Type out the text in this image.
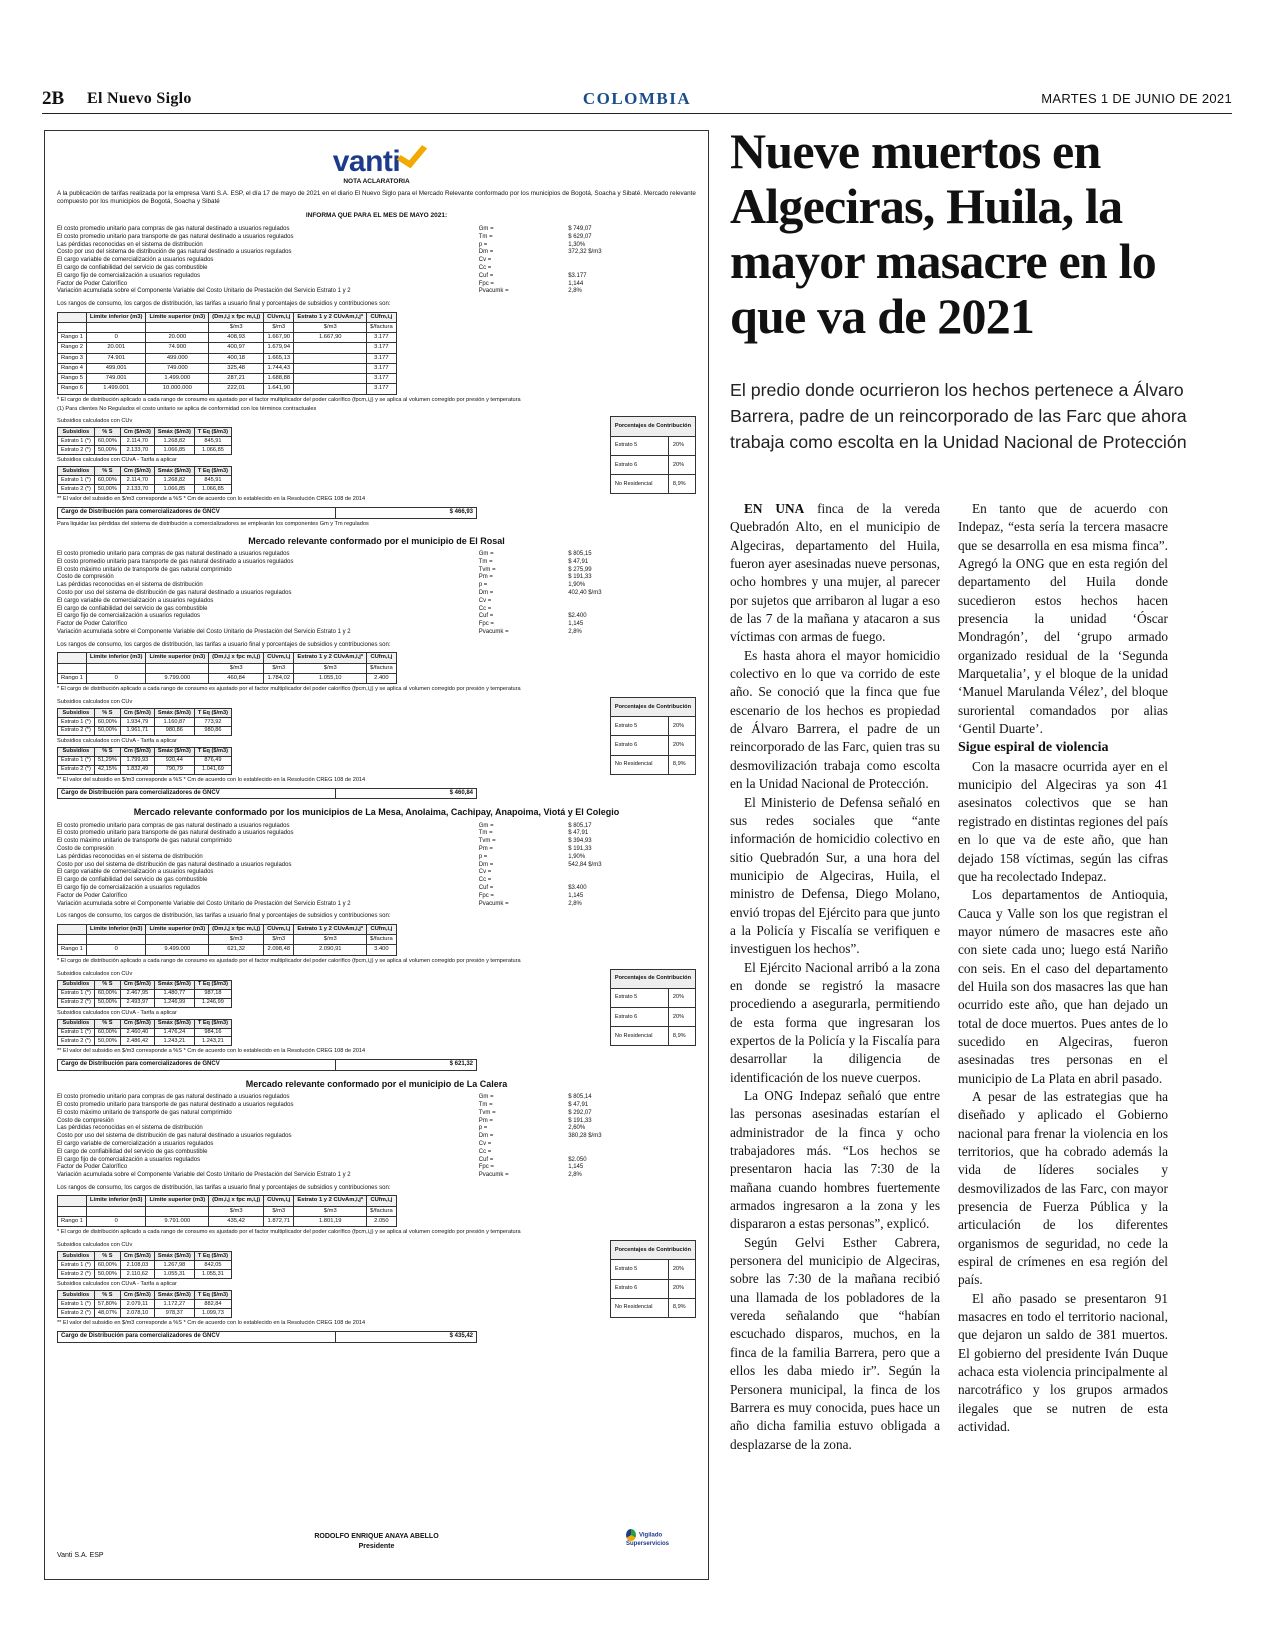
2B El Nuevo Siglo	COLOMBIA	MARTES 1 DE JUNIO DE 2021
vanti
NOTA ACLARATORIA
A la publicación de tarifas realizada por la empresa Vanti S.A. ESP, el día 17 de mayo de 2021 en el diario El Nuevo Siglo para el Mercado Relevante conformado por los municipios de Bogotá, Soacha y Sibaté. Mercado relevante compuesto por los municipios de Bogotá, Soacha y Sibaté
INFORMA QUE PARA EL MES DE MAYO 2021:
El costo promedio unitario para compras de gas natural destinado a usuarios regulados	Gm =	$ 749,07
El costo promedio unitario para transporte de gas natural destinado a usuarios regulados	Tm =	$ 629,07
Las pérdidas reconocidas en el sistema de distribución	p =	1,30%
Costo por uso del sistema de distribución de gas natural destinado a usuarios regulados	Dm =	372,32 $/m3
El cargo variable de comercialización a usuarios regulados	Cv =	
El cargo de confiabilidad del servicio de gas combustible	Cc =	
El cargo fijo de comercialización a usuarios regulados	Cuf =	$3.177
Factor de Poder Calorífico	Fpc =	1,144
Variación acumulada sobre el Componente Variable del Costo Unitario de Prestación del Servicio Estrato 1 y 2	Pvacumk =	2,8%
Los rangos de consumo, los cargos de distribución, las tarifas a usuario final y porcentajes de subsidios y contribuciones son:
	Límite inferior (m3)	Límite superior (m3)	(Dm,i,j x fpc m,i,j)	CUvm,i,j	Estrato 1 y 2 CUvAm,i,j*	CUfm,i,j
			$/m3	$/m3	$/m3	$/factura
Rango 1	0	20.000	408,93	1.667,90	1.667,90	3.177
Rango 2	20.001	74.900	400,97	1.679,94		3.177
Rango 3	74.901	499.000	400,18	1.665,13		3.177
Rango 4	499.001	749.000	325,48	1.744,43		3.177
Rango 5	749.001	1.499.000	287,21	1.688,88		3.177
Rango 6	1.499.001	10.000.000	222,01	1.641,90		3.177
* El cargo de distribución aplicado a cada rango de consumo es ajustado por el factor multiplicador del poder calorífico (fpcm,i,j) y se aplica al volumen corregido por presión y temperatura
(1) Para clientes No Regulados el costo unitario se aplica de conformidad con los términos contractuales
Subsidios calculados con CUv
Subsidios	% S	Cm ($/m3)	Smáx ($/m3)	T Eq ($/m3)
Estrato 1 (*)	60,00%	2.114,70	1.268,82	845,91
Estrato 2 (*)	50,00%	2.133,70	1.066,85	1.066,85
Subsidios calculados con CUvA - Tarifa a aplicar
Subsidios	% S	Cm ($/m3)	Smáx ($/m3)	T Eq ($/m3)
Estrato 1 (*)	60,00%	2.114,70	1.268,82	845,91
Estrato 2 (*)	50,00%	2.133,70	1.066,85	1.066,85
Porcentajes de Contribución	
Estrato 5	20%
Estrato 6	20%
No Residencial	8,9%
** El valor del subsidio en $/m3 corresponde a %S * Cm de acuerdo con lo establecido en la Resolución CREG 108 de 2014
Cargo de Distribución para comercializadores de GNCV	$ 466,93
Para liquidar las pérdidas del sistema de distribución a comercializadores se emplearán los componentes Gm y Tm regulados
Mercado relevante conformado por el municipio de El Rosal
El costo promedio unitario para compras de gas natural destinado a usuarios regulados	Gm =	$ 805,15
El costo promedio unitario para transporte de gas natural destinado a usuarios regulados	Tm =	$ 47,91
El costo máximo unitario de transporte de gas natural comprimido	Tvm =	$ 275,99
Costo de compresión	Pm =	$ 191,33
Las pérdidas reconocidas en el sistema de distribución	p =	1,90%
Costo por uso del sistema de distribución de gas natural destinado a usuarios regulados	Dm =	402,40 $/m3
El cargo variable de comercialización a usuarios regulados	Cv =	
El cargo de confiabilidad del servicio de gas combustible	Cc =	
El cargo fijo de comercialización a usuarios regulados	Cuf =	$2.400
Factor de Poder Calorífico	Fpc =	1,145
Variación acumulada sobre el Componente Variable del Costo Unitario de Prestación del Servicio Estrato 1 y 2	Pvacumk =	2,8%
Los rangos de consumo, los cargos de distribución, las tarifas a usuario final y porcentajes de subsidios y contribuciones son:
	Límite inferior (m3)	Límite superior (m3)	(Dm,i,j x fpc m,i,j)	CUvm,i,j	Estrato 1 y 2 CUvAm,i,j*	CUfm,i,j
			$/m3	$/m3	$/m3	$/factura
Rango 1	0	9.799.000	460,84	1.784,02	1.055,10	2.400
* El cargo de distribución aplicado a cada rango de consumo es ajustado por el factor multiplicador del poder calorífico (fpcm,i,j) y se aplica al volumen corregido por presión y temperatura
Subsidios calculados con CUv
Subsidios	% S	Cm ($/m3)	Smáx ($/m3)	T Eq ($/m3)
Estrato 1 (*)	60,00%	1.934,79	1.160,87	773,92
Estrato 2 (*)	50,00%	1.961,71	980,86	980,86
Subsidios calculados con CUvA - Tarifa a aplicar
Subsidios	% S	Cm ($/m3)	Smáx ($/m3)	T Eq ($/m3)
Estrato 1 (*)	51,29%	1.799,93	920,44	876,49
Estrato 2 (*)	42,15%	1.832,49	790,79	1.041,69
Porcentajes de Contribución	
Estrato 5	20%
Estrato 6	20%
No Residencial	8,9%
** El valor del subsidio en $/m3 corresponde a %S * Cm de acuerdo con lo establecido en la Resolución CREG 108 de 2014
Cargo de Distribución para comercializadores de GNCV	$ 460,84
Mercado relevante conformado por los municipios de La Mesa, Anolaima, Cachipay, Anapoima, Viotá y El Colegio
El costo promedio unitario para compras de gas natural destinado a usuarios regulados	Gm =	$ 805,17
El costo promedio unitario para transporte de gas natural destinado a usuarios regulados	Tm =	$ 47,91
El costo máximo unitario de transporte de gas natural comprimido	Tvm =	$ 394,93
Costo de compresión	Pm =	$ 191,33
Las pérdidas reconocidas en el sistema de distribución	p =	1,90%
Costo por uso del sistema de distribución de gas natural destinado a usuarios regulados	Dm =	542,84 $/m3
El cargo variable de comercialización a usuarios regulados	Cv =	
El cargo de confiabilidad del servicio de gas combustible	Cc =	
El cargo fijo de comercialización a usuarios regulados	Cuf =	$3.400
Factor de Poder Calorífico	Fpc =	1,145
Variación acumulada sobre el Componente Variable del Costo Unitario de Prestación del Servicio Estrato 1 y 2	Pvacumk =	2,8%
Los rangos de consumo, los cargos de distribución, las tarifas a usuario final y porcentajes de subsidios y contribuciones son:
	Límite inferior (m3)	Límite superior (m3)	(Dm,i,j x fpc m,i,j)	CUvm,i,j	Estrato 1 y 2 CUvAm,i,j*	CUfm,i,j
			$/m3	$/m3	$/m3	$/factura
Rango 1	0	9.499.000	621,32	2.098,48	2.090,91	3.400
* El cargo de distribución aplicado a cada rango de consumo es ajustado por el factor multiplicador del poder calorífico (fpcm,i,j) y se aplica al volumen corregido por presión y temperatura
Subsidios calculados con CUv
Subsidios	% S	Cm ($/m3)	Smáx ($/m3)	T Eq ($/m3)
Estrato 1 (*)	60,00%	2.467,95	1.480,77	987,18
Estrato 2 (*)	50,00%	2.493,97	1.246,99	1.246,99
Subsidios calculados con CUvA - Tarifa a aplicar
Subsidios	% S	Cm ($/m3)	Smáx ($/m3)	T Eq ($/m3)
Estrato 1 (*)	60,00%	2.460,40	1.476,24	984,16
Estrato 2 (*)	50,00%	2.486,42	1.243,21	1.243,21
Porcentajes de Contribución	
Estrato 5	20%
Estrato 6	20%
No Residencial	8,9%
** El valor del subsidio en $/m3 corresponde a %S * Cm de acuerdo con lo establecido en la Resolución CREG 108 de 2014
Cargo de Distribución para comercializadores de GNCV	$ 621,32
Mercado relevante conformado por el municipio de La Calera
El costo promedio unitario para compras de gas natural destinado a usuarios regulados	Gm =	$ 805,14
El costo promedio unitario para transporte de gas natural destinado a usuarios regulados	Tm =	$ 47,91
El costo máximo unitario de transporte de gas natural comprimido	Tvm =	$ 292,07
Costo de compresión	Pm =	$ 191,33
Las pérdidas reconocidas en el sistema de distribución	p =	2,60%
Costo por uso del sistema de distribución de gas natural destinado a usuarios regulados	Dm =	380,28 $/m3
El cargo variable de comercialización a usuarios regulados	Cv =	
El cargo de confiabilidad del servicio de gas combustible	Cc =	
El cargo fijo de comercialización a usuarios regulados	Cuf =	$2.050
Factor de Poder Calorífico	Fpc =	1,145
Variación acumulada sobre el Componente Variable del Costo Unitario de Prestación del Servicio Estrato 1 y 2	Pvacumk =	2,8%
Los rangos de consumo, los cargos de distribución, las tarifas a usuario final y porcentajes de subsidios y contribuciones son:
	Límite inferior (m3)	Límite superior (m3)	(Dm,i,j x fpc m,i,j)	CUvm,i,j	Estrato 1 y 2 CUvAm,i,j*	CUfm,i,j
			$/m3	$/m3	$/m3	$/factura
Rango 1	0	9.791.000	435,42	1.872,71	1.801,19	2.050
* El cargo de distribución aplicado a cada rango de consumo es ajustado por el factor multiplicador del poder calorífico (fpcm,i,j) y se aplica al volumen corregido por presión y temperatura
Subsidios calculados con CUv
Subsidios	% S	Cm ($/m3)	Smáx ($/m3)	T Eq ($/m3)
Estrato 1 (*)	60,00%	2.108,03	1.267,98	842,05
Estrato 2 (*)	50,00%	2.110,62	1.055,31	1.055,31
Subsidios calculados con CUvA - Tarifa a aplicar
Subsidios	% S	Cm ($/m3)	Smáx ($/m3)	T Eq ($/m3)
Estrato 1 (*)	57,80%	2.079,11	1.172,27	882,84
Estrato 2 (*)	48,07%	2.078,10	978,37	1.099,73
Porcentajes de Contribución	
Estrato 5	20%
Estrato 6	20%
No Residencial	8,9%
** El valor del subsidio en $/m3 corresponde a %S * Cm de acuerdo con lo establecido en la Resolución CREG 108 de 2014
Cargo de Distribución para comercializadores de GNCV	$ 435,42
Vanti S.A. ESP
RODOLFO ENRIQUE ANAYA ABELLO
Presidente
Vigilado Superservicios
Nueve muertos en Algeciras, Huila, la mayor masacre en lo que va de 2021
El predio donde ocurrieron los hechos pertenece a Álvaro Barrera, padre de un reincorporado de las Farc que ahora trabaja como escolta en la Unidad Nacional de Protección

EN UNA finca de la vereda Quebradón Alto, en el municipio de Algeciras, departamento del Huila, fueron ayer asesinadas nueve personas, ocho hombres y una mujer, al parecer por sujetos que arribaron al lugar a eso de las 7 de la mañana y atacaron a sus víctimas con armas de fuego.

Es hasta ahora el mayor homicidio colectivo en lo que va corrido de este año. Se conoció que la finca que fue escenario de los hechos es propiedad de Álvaro Barrera, el padre de un reincorporado de las Farc, quien tras su desmovilización trabaja como escolta en la Unidad Nacional de Protección.

El Ministerio de Defensa señaló en sus redes sociales que “ante información de homicidio colectivo en sitio Quebradón Sur, a una hora del municipio de Algeciras, Huila, el ministro de Defensa, Diego Molano, envió tropas del Ejército para que junto a la Policía y Fiscalía se verifiquen e investiguen los hechos”.

El Ejército Nacional arribó a la zona en donde se registró la masacre procediendo a asegurarla, permitiendo de esta forma que ingresaran los expertos de la Policía y la Fiscalía para desarrollar la diligencia de identificación de los nueve cuerpos.

La ONG Indepaz señaló que entre las personas asesinadas estarían el administrador de la finca y ocho trabajadores más. “Los hechos se presentaron hacia las 7:30 de la mañana cuando hombres fuertemente armados ingresaron a la zona y les dispararon a estas personas”, explicó.

Según Gelvi Esther Cabrera, personera del municipio de Algeciras, sobre las 7:30 de la mañana recibió una llamada de los pobladores de la vereda señalando que “habían escuchado disparos, muchos, en la finca de la familia Barrera, pero que a ellos les daba miedo ir”. Según la Personera municipal, la finca de los Barrera es muy conocida, pues hace un año dicha familia estuvo obligada a desplazarse de la zona.

En tanto que de acuerdo con Indepaz, “esta sería la tercera masacre que se desarrolla en esa misma finca”. Agregó la ONG que en esta región del departamento del Huila donde sucedieron estos hechos hacen presencia la unidad ‘Óscar Mondragón’, del ‘grupo armado organizado residual de la ‘Segunda Marquetalia’, y el bloque de la unidad ‘Manuel Marulanda Vélez’, del bloque suroriental comandados por alias ‘Gentil Duarte’.

Sigue espiral de violencia

Con la masacre ocurrida ayer en el municipio del Algeciras ya son 41 asesinatos colectivos que se han registrado en distintas regiones del país en lo que va de este año, que han dejado 158 víctimas, según las cifras que ha recolectado Indepaz.

Los departamentos de Antioquia, Cauca y Valle son los que registran el mayor número de masacres este año con siete cada uno; luego está Nariño con seis. En el caso del departamento del Huila son dos masacres las que han ocurrido este año, que han dejado un total de doce muertos. Pues antes de lo sucedido en Algeciras, fueron asesinadas tres personas en el municipio de La Plata en abril pasado.

A pesar de las estrategias que ha diseñado y aplicado el Gobierno nacional para frenar la violencia en los territorios, que ha cobrado además la vida de líderes sociales y desmovilizados de las Farc, con mayor presencia de Fuerza Pública y la articulación de los diferentes organismos de seguridad, no cede la espiral de crímenes en esa región del país.

El año pasado se presentaron 91 masacres en todo el territorio nacional, que dejaron un saldo de 381 muertos. El gobierno del presidente Iván Duque achaca esta violencia principalmente al narcotráfico y los grupos armados ilegales que se nutren de esta actividad.
